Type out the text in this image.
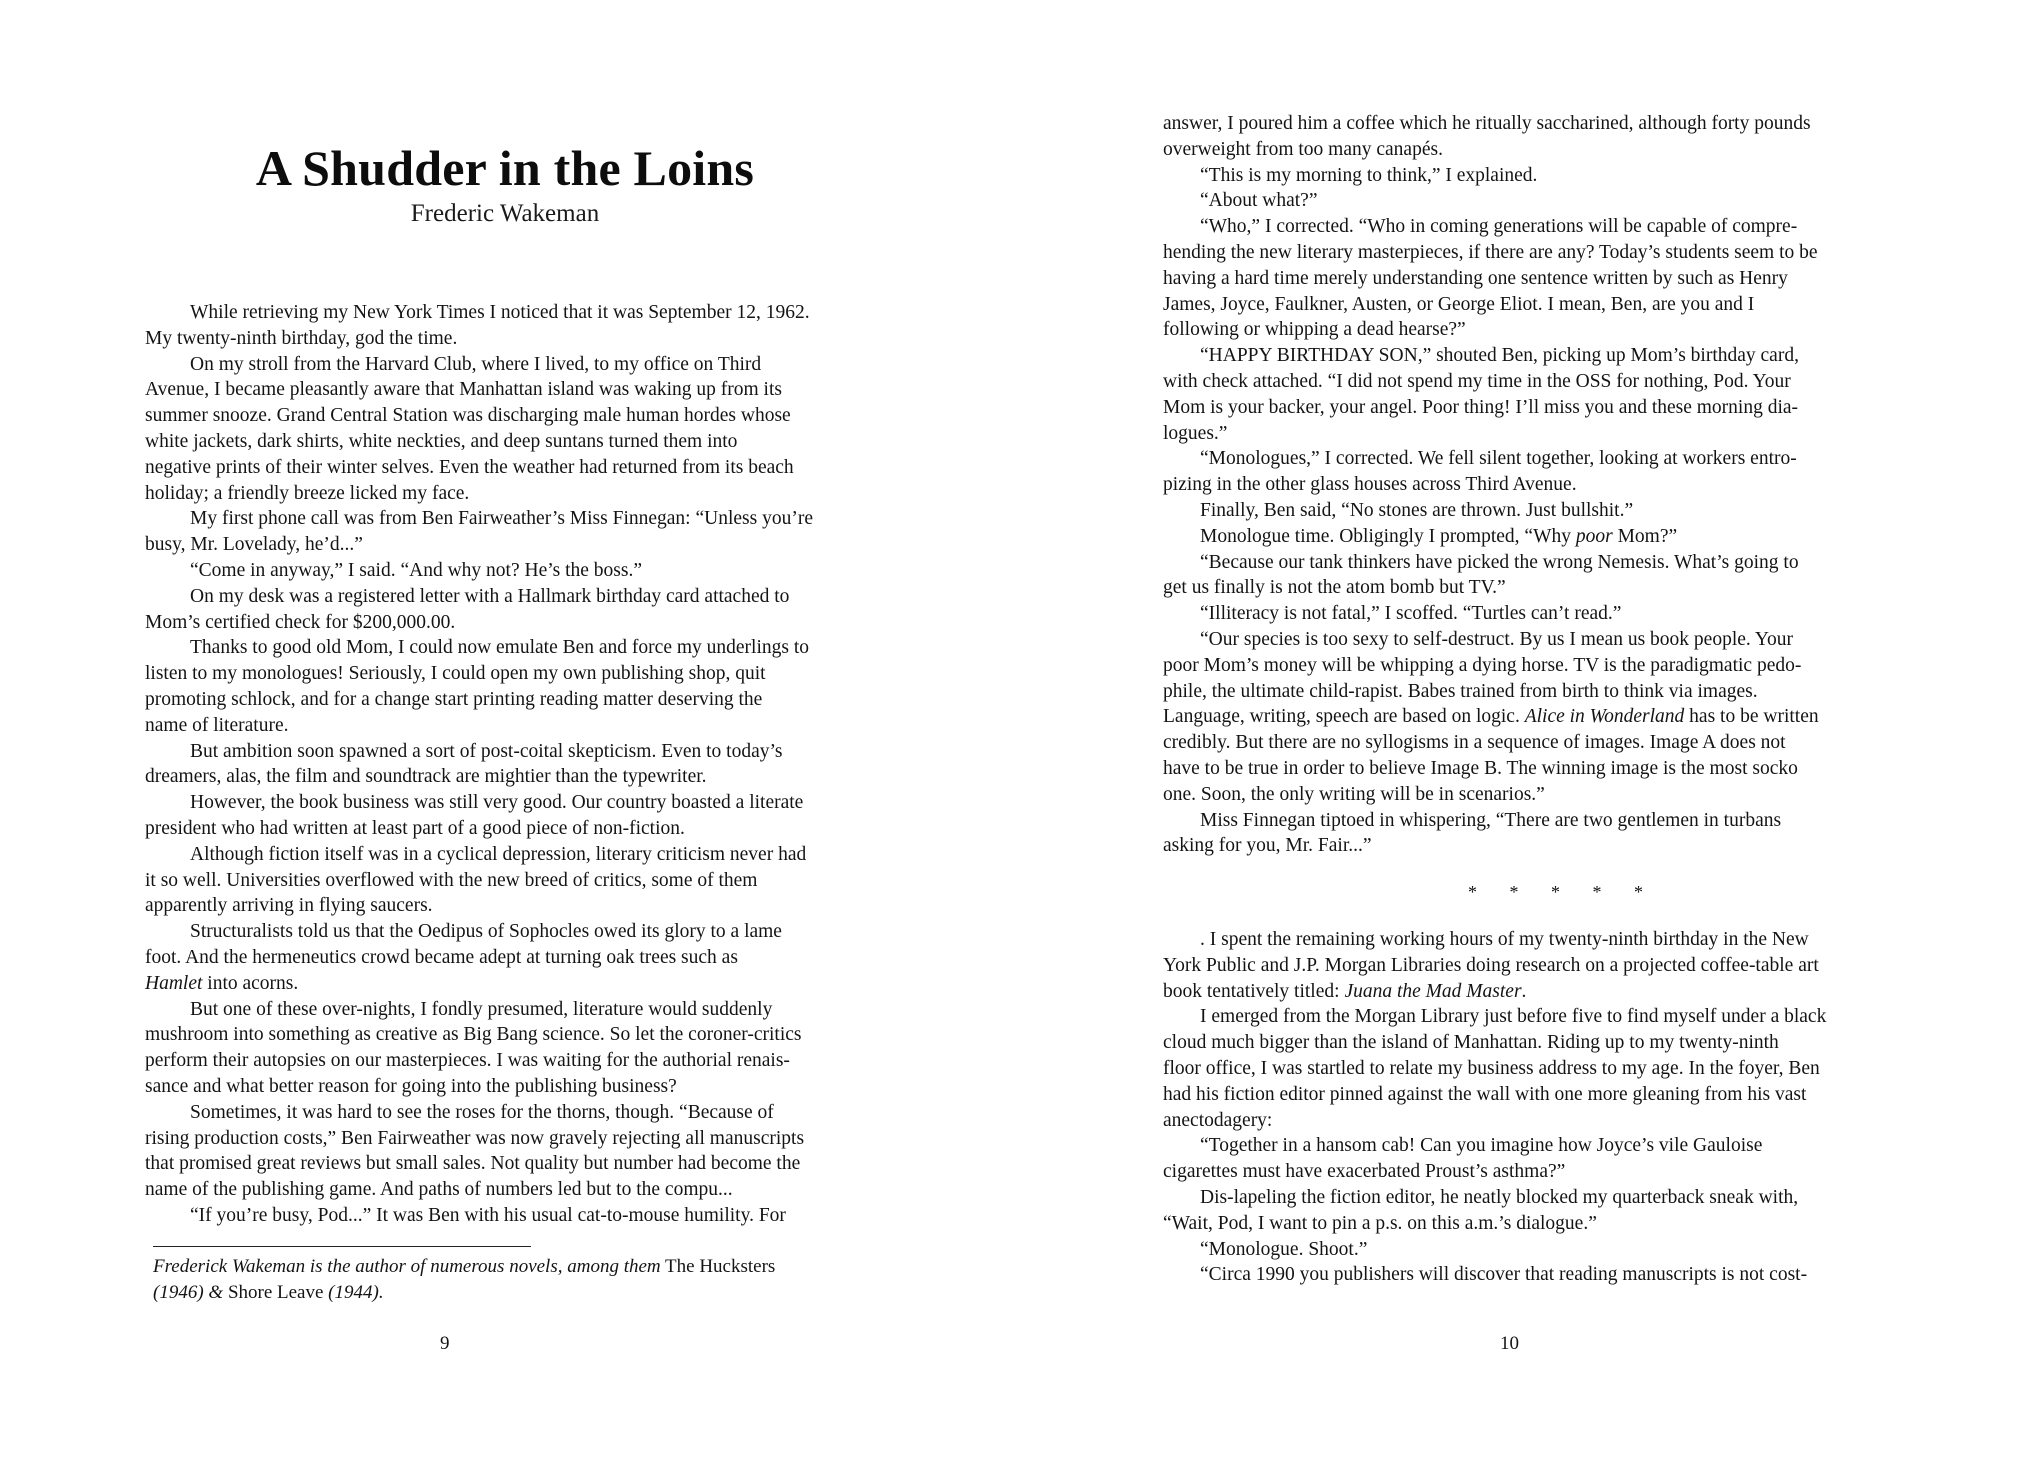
A Shudder in the Loins
Frederic Wakeman
While retrieving my New York Times I noticed that it was September 12, 1962.
My twenty-ninth birthday, god the time.
On my stroll from the Harvard Club, where I lived, to my office on Third
Avenue, I became pleasantly aware that Manhattan island was waking up from its
summer snooze. Grand Central Station was discharging male human hordes whose
white jackets, dark shirts, white neckties, and deep suntans turned them into
negative prints of their winter selves. Even the weather had returned from its beach
holiday; a friendly breeze licked my face.
My first phone call was from Ben Fairweather’s Miss Finnegan: “Unless you’re
busy, Mr. Lovelady, he’d...”
“Come in anyway,” I said. “And why not? He’s the boss.”
On my desk was a registered letter with a Hallmark birthday card attached to
Mom’s certified check for $200,000.00.
Thanks to good old Mom, I could now emulate Ben and force my underlings to
listen to my monologues! Seriously, I could open my own publishing shop, quit
promoting schlock, and for a change start printing reading matter deserving the
name of literature.
But ambition soon spawned a sort of post-coital skepticism. Even to today’s
dreamers, alas, the film and soundtrack are mightier than the typewriter.
However, the book business was still very good. Our country boasted a literate
president who had written at least part of a good piece of non-fiction.
Although fiction itself was in a cyclical depression, literary criticism never had
it so well. Universities overflowed with the new breed of critics, some of them
apparently arriving in flying saucers.
Structuralists told us that the Oedipus of Sophocles owed its glory to a lame
foot. And the hermeneutics crowd became adept at turning oak trees such as
Hamlet into acorns.
But one of these over-nights, I fondly presumed, literature would suddenly
mushroom into something as creative as Big Bang science. So let the coroner-critics
perform their autopsies on our masterpieces. I was waiting for the authorial renais-
sance and what better reason for going into the publishing business?
Sometimes, it was hard to see the roses for the thorns, though. “Because of
rising production costs,” Ben Fairweather was now gravely rejecting all manuscripts
that promised great reviews but small sales. Not quality but number had become the
name of the publishing game. And paths of numbers led but to the compu...
“If you’re busy, Pod...” It was Ben with his usual cat-to-mouse humility. For
Frederick Wakeman is the author of numerous novels, among them The Hucksters
(1946) & Shore Leave (1944).
9
answer, I poured him a coffee which he ritually saccharined, although forty pounds
overweight from too many canapés.
“This is my morning to think,” I explained.
“About what?”
“Who,” I corrected. “Who in coming generations will be capable of compre-
hending the new literary masterpieces, if there are any? Today’s students seem to be
having a hard time merely understanding one sentence written by such as Henry
James, Joyce, Faulkner, Austen, or George Eliot. I mean, Ben, are you and I
following or whipping a dead hearse?”
“HAPPY BIRTHDAY SON,” shouted Ben, picking up Mom’s birthday card,
with check attached. “I did not spend my time in the OSS for nothing, Pod. Your
Mom is your backer, your angel. Poor thing! I’ll miss you and these morning dia-
logues.”
“Monologues,” I corrected. We fell silent together, looking at workers entro-
pizing in the other glass houses across Third Avenue.
Finally, Ben said, “No stones are thrown. Just bullshit.”
Monologue time. Obligingly I prompted, “Why poor Mom?”
“Because our tank thinkers have picked the wrong Nemesis. What’s going to
get us finally is not the atom bomb but TV.”
“Illiteracy is not fatal,” I scoffed. “Turtles can’t read.”
“Our species is too sexy to self-destruct. By us I mean us book people. Your
poor Mom’s money will be whipping a dying horse. TV is the paradigmatic pedo-
phile, the ultimate child-rapist. Babes trained from birth to think via images.
Language, writing, speech are based on logic. Alice in Wonderland has to be written
credibly. But there are no syllogisms in a sequence of images. Image A does not
have to be true in order to believe Image B. The winning image is the most socko
one. Soon, the only writing will be in scenarios.”
Miss Finnegan tiptoed in whispering, “There are two gentlemen in turbans
asking for you, Mr. Fair...”
* * * * *
. I spent the remaining working hours of my twenty-ninth birthday in the New
York Public and J.P. Morgan Libraries doing research on a projected coffee-table art
book tentatively titled: Juana the Mad Master.
I emerged from the Morgan Library just before five to find myself under a black
cloud much bigger than the island of Manhattan. Riding up to my twenty-ninth
floor office, I was startled to relate my business address to my age. In the foyer, Ben
had his fiction editor pinned against the wall with one more gleaning from his vast
anectodagery:
“Together in a hansom cab! Can you imagine how Joyce’s vile Gauloise
cigarettes must have exacerbated Proust’s asthma?”
Dis-lapeling the fiction editor, he neatly blocked my quarterback sneak with,
“Wait, Pod, I want to pin a p.s. on this a.m.’s dialogue.”
“Monologue. Shoot.”
“Circa 1990 you publishers will discover that reading manuscripts is not cost-
10
